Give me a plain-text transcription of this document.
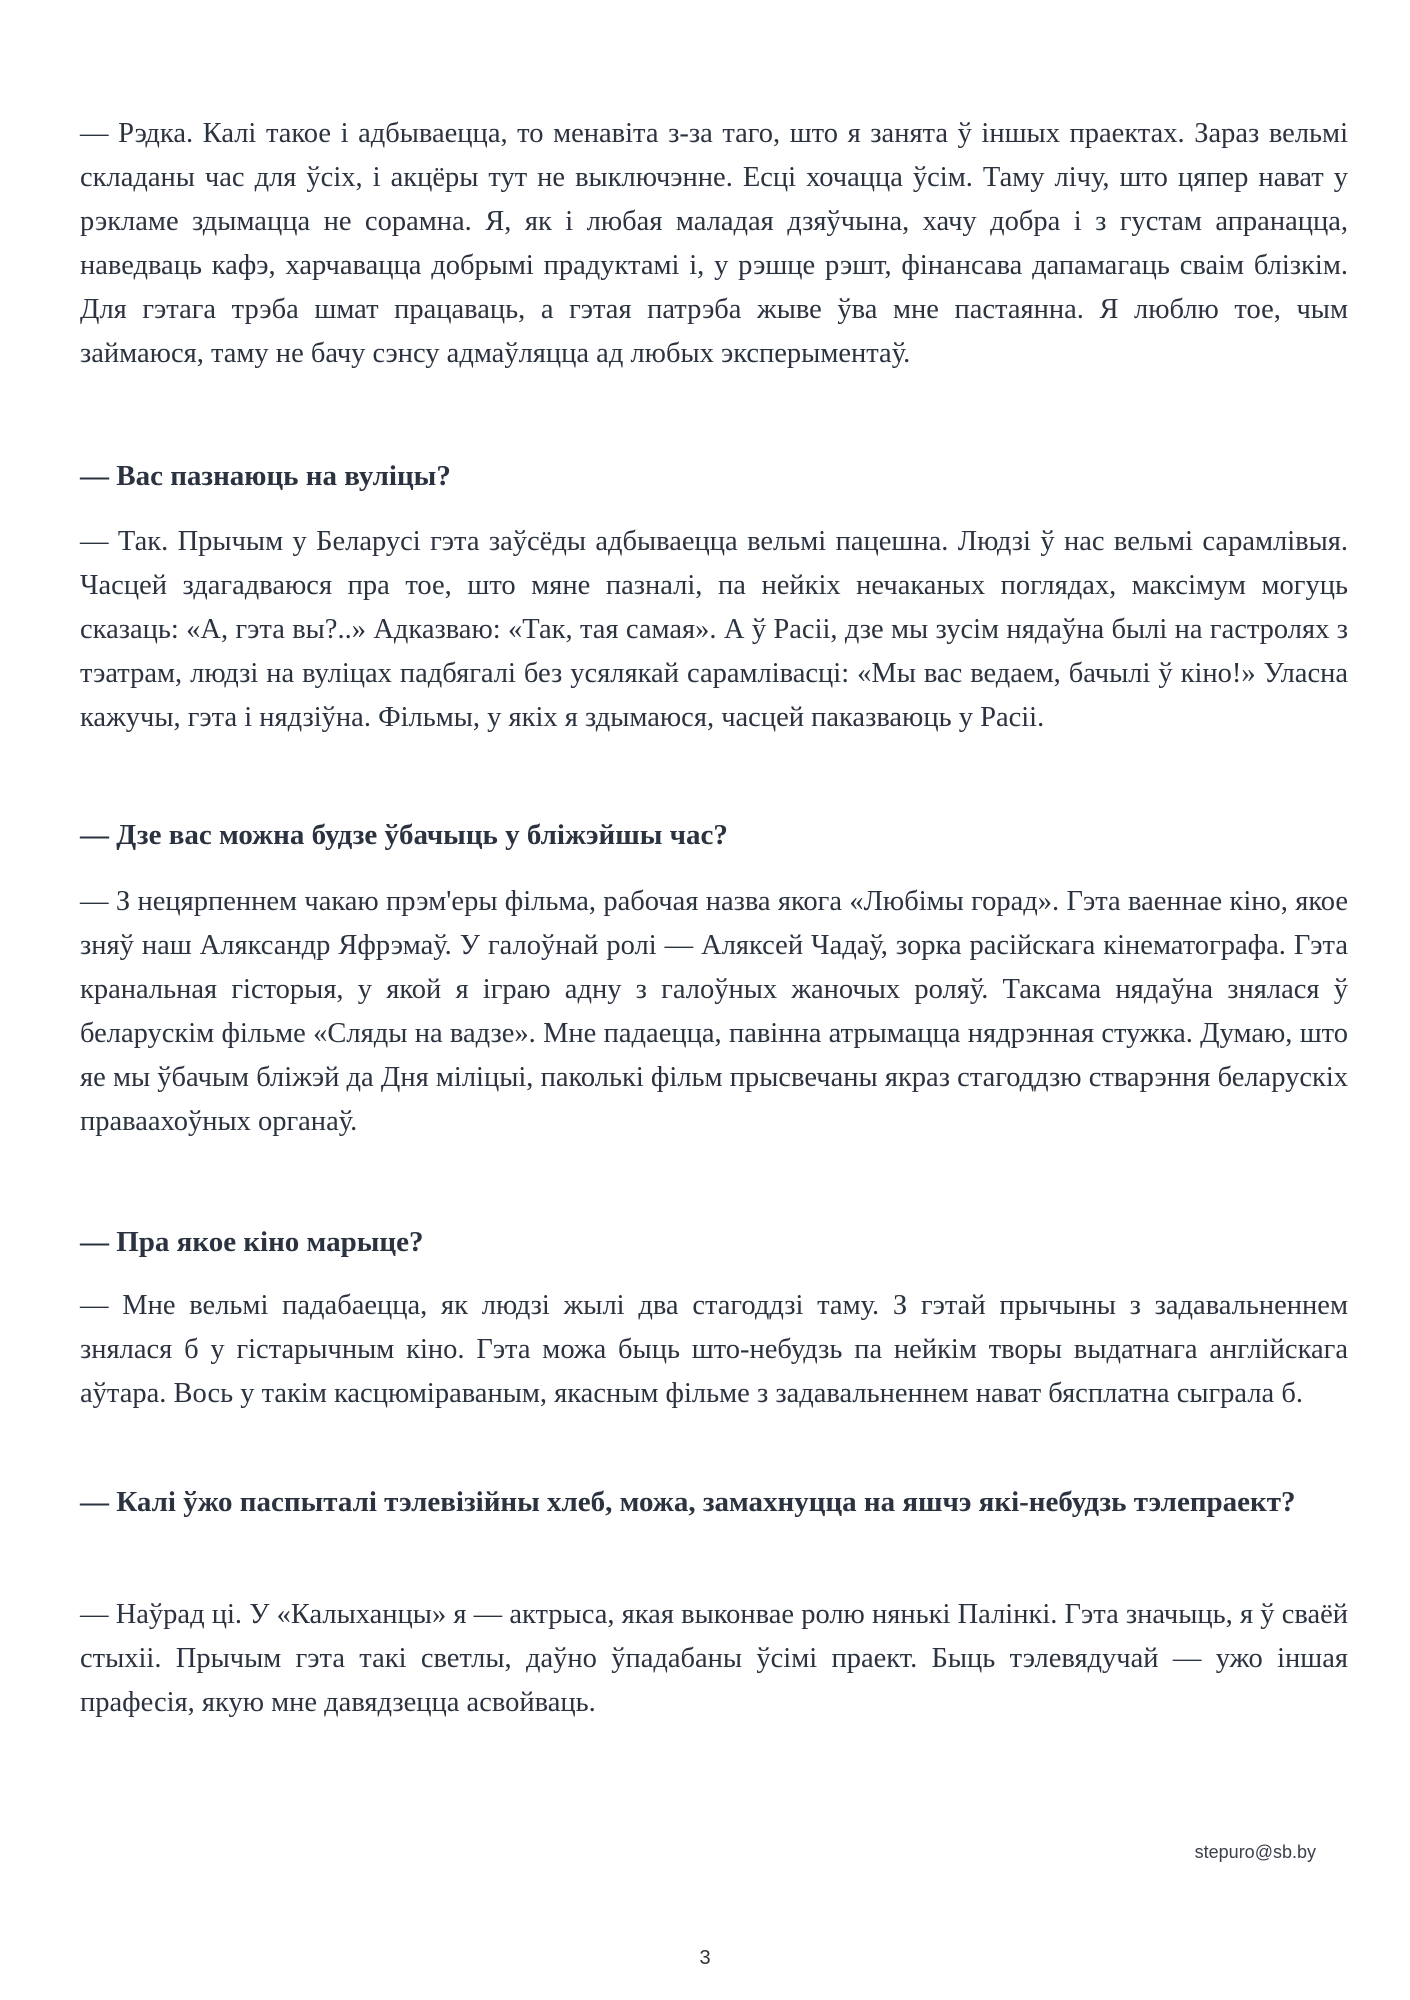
— Рэдка. Калі такое і адбываецца, то менавіта з-за таго, што я занята ў іншых праектах. Зараз вельмі складаны час для ўсіх, і акцёры тут не выключэнне. Есці хочацца ўсім. Таму лічу, што цяпер нават у рэкламе здымацца не сорамна. Я, як і любая маладая дзяўчына, хачу добра і з густам апранацца, наведваць кафэ, харчавацца добрымі прадуктамі і, у рэшце рэшт, фінансава дапамагаць сваім блізкім. Для гэтага трэба шмат працаваць, а гэтая патрэба жыве ўва мне пастаянна. Я люблю тое, чым займаюся, таму не бачу сэнсу адмаўляцца ад любых эксперыментаў.

— Вас пазнаюць на вуліцы?

— Так. Прычым у Беларусі гэта заўсёды адбываецца вельмі пацешна. Людзі ў нас вельмі сарамлівыя. Часцей здагадваюся пра тое, што мяне пазналі, па нейкіх нечаканых поглядах, максімум могуць сказаць: «А, гэта вы?..» Адказваю: «Так, тая самая». А ў Расіі, дзе мы зусім нядаўна былі на гастролях з тэатрам, людзі на вуліцах падбягалі без усялякай сарамлівасці: «Мы вас ведаем, бачылі ў кіно!» Уласна кажучы, гэта і нядзіўна. Фільмы, у якіх я здымаюся, часцей паказваюць у Расіі.

— Дзе вас можна будзе ўбачыць у бліжэйшы час?

— З нецярпеннем чакаю прэм'еры фільма, рабочая назва якога «Любімы горад». Гэта ваеннае кіно, якое зняў наш Аляксандр Яфрэмаў. У галоўнай ролі — Аляксей Чадаў, зорка расійскага кінематографа. Гэта кранальная гісторыя, у якой я іграю адну з галоўных жаночых роляў. Таксама нядаўна знялася ў беларускім фільме «Сляды на вадзе». Мне падаецца, павінна атрымацца нядрэнная стужка. Думаю, што яе мы ўбачым бліжэй да Дня міліцыі, паколькі фільм прысвечаны якраз стагоддзю стварэння беларускіх праваахоўных органаў.

— Пра якое кіно марыце?

— Мне вельмі падабаецца, як людзі жылі два стагоддзі таму. З гэтай прычыны з задавальненнем знялася б у гістарычным кіно. Гэта можа быць што-небудзь па нейкім творы выдатнага англійскага аўтара. Вось у такім касцюміраваным, якасным фільме з задавальненнем нават бясплатна сыграла б.

— Калі ўжо паспыталі тэлевізійны хлеб, можа, замахнуцца на яшчэ які-небудзь тэлепраект?

— Наўрад ці. У «Калыханцы» я — актрыса, якая выконвае ролю нянькі Палінкі. Гэта значыць, я ў сваёй стыхіі. Прычым гэта такі светлы, даўно ўпадабаны ўсімі праект. Быць тэлевядучай — ужо іншая прафесія, якую мне давядзецца асвойваць.

stepuro@sb.by
3
